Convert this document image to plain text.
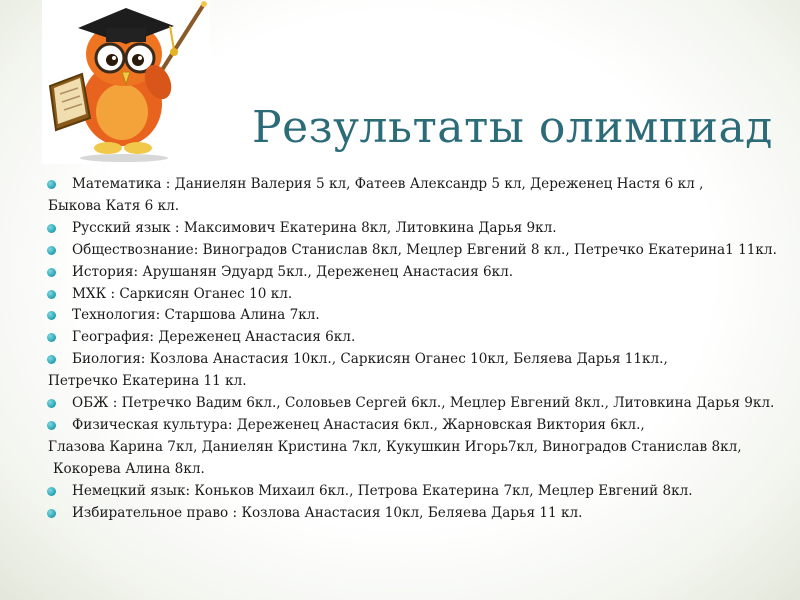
Результаты олимпиад
Математика : Даниелян Валерия 5 кл, Фатеев Александр 5 кл, Дереженец Настя 6 кл ,
Быкова Катя 6 кл.
Русский язык : Максимович Екатерина 8кл, Литовкина Дарья 9кл.
Обществознание: Виноградов Станислав 8кл, Мецлер Евгений 8 кл., Петречко Екатерина1 11кл.
История: Арушанян Эдуард 5кл., Дереженец Анастасия 6кл.
МХК : Саркисян Оганес 10 кл.
Технология: Старшова Алина 7кл.
География: Дереженец Анастасия 6кл.
Биология: Козлова Анастасия 10кл., Саркисян Оганес 10кл, Беляева Дарья 11кл.,
Петречко Екатерина 11 кл.
ОБЖ : Петречко Вадим 6кл., Соловьев Сергей 6кл., Мецлер Евгений 8кл., Литовкина Дарья 9кл.
Физическая культура: Дереженец Анастасия 6кл., Жарновская Виктория 6кл.,
Глазова Карина 7кл, Даниелян Кристина 7кл, Кукушкин Игорь7кл, Виноградов Станислав 8кл,
Кокорева Алина 8кл.
Немецкий язык: Коньков Михаил 6кл., Петрова Екатерина 7кл, Мецлер Евгений 8кл.
Избирательное право : Козлова Анастасия 10кл, Беляева Дарья 11 кл.
